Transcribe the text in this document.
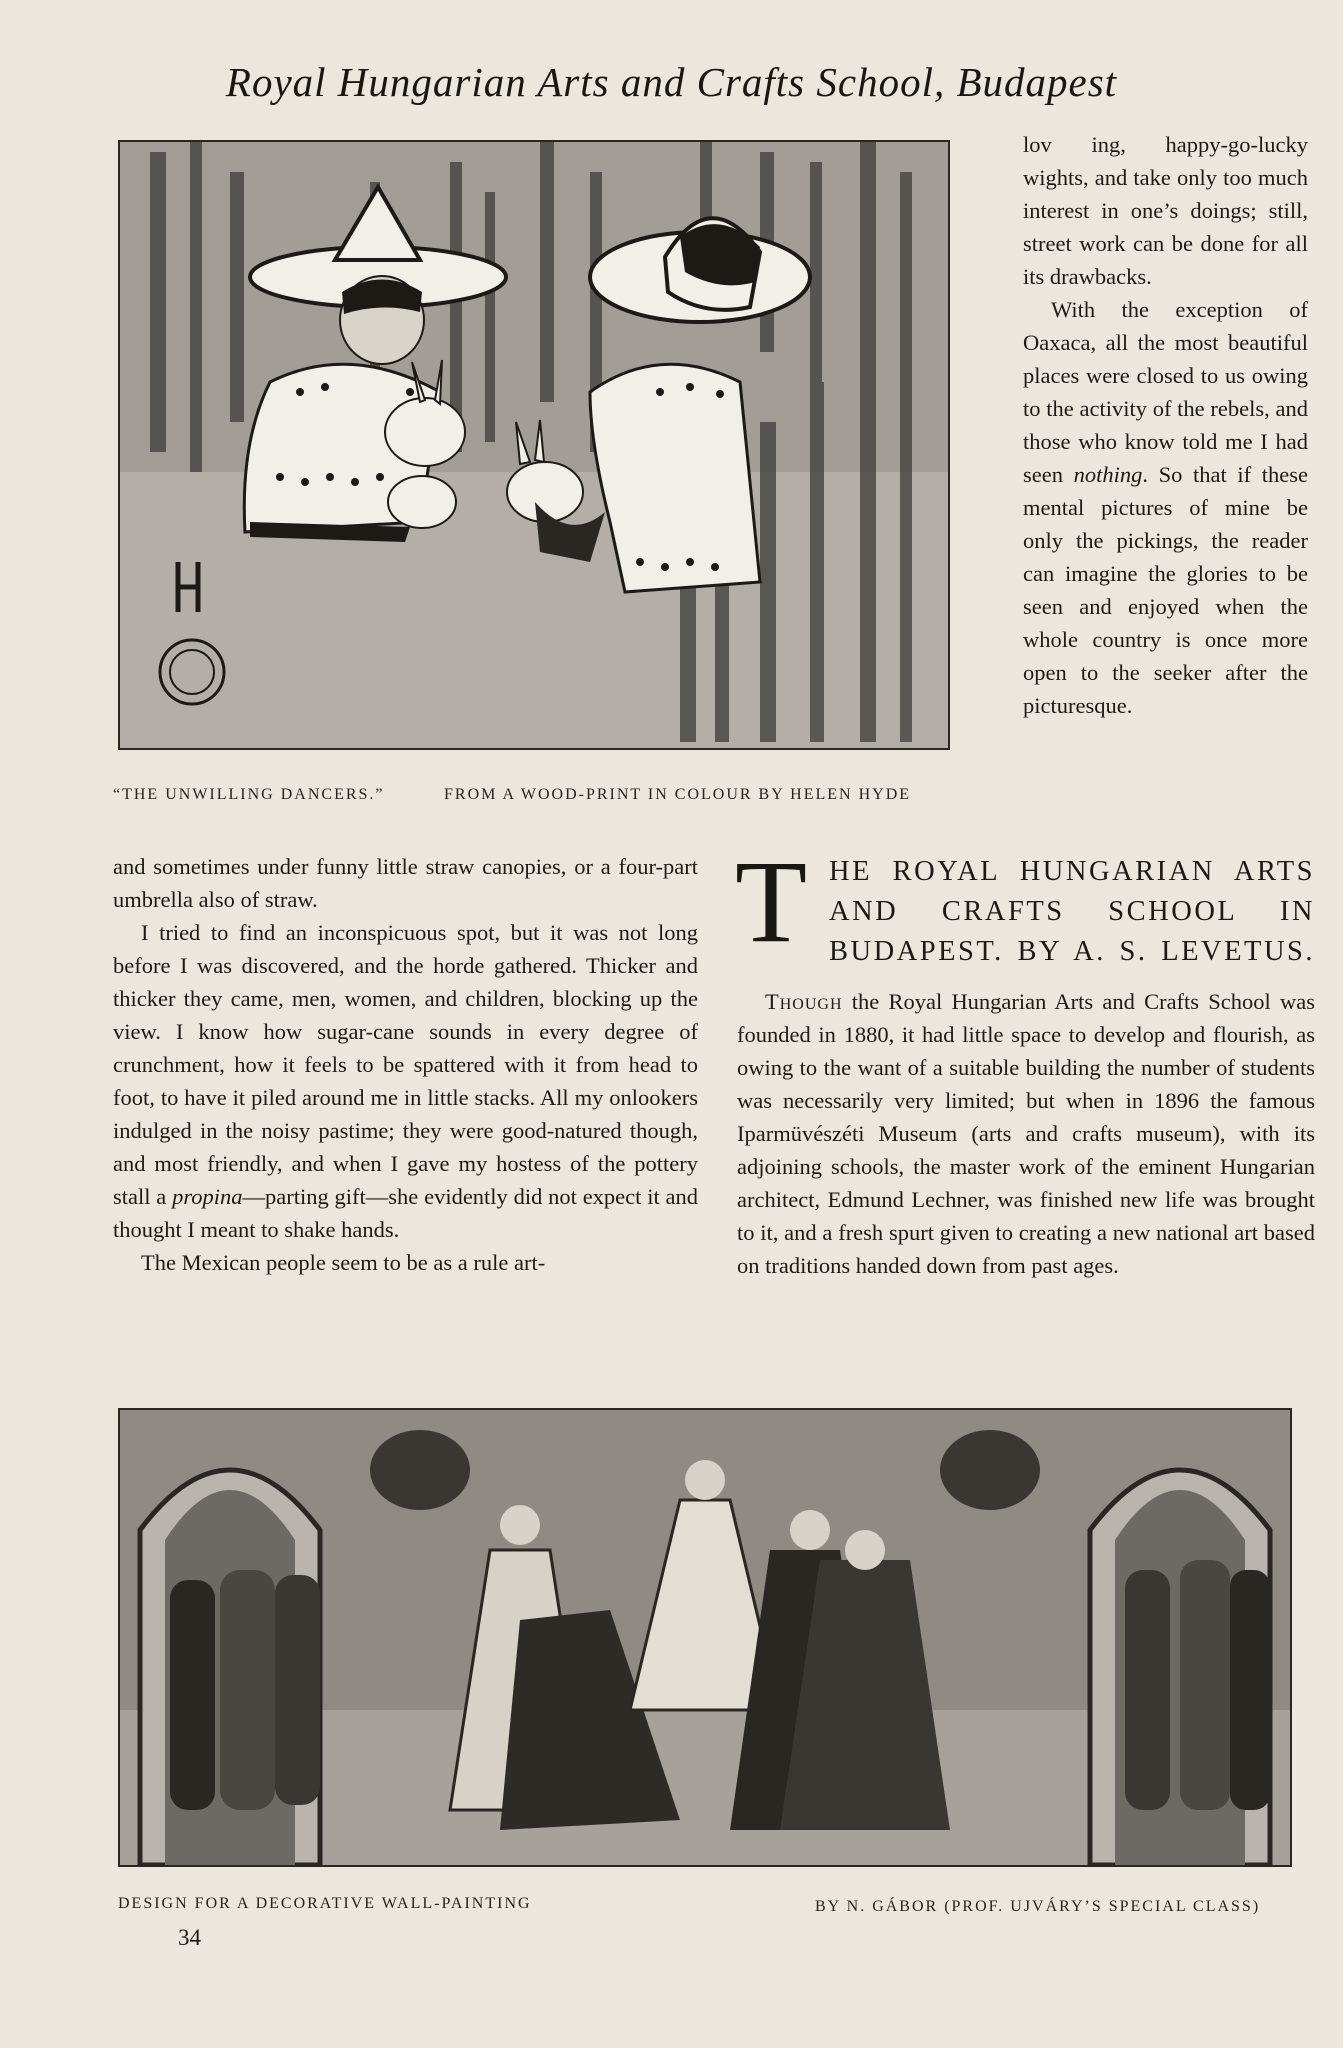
Royal Hungarian Arts and Crafts School, Budapest
“THE UNWILLING DANCERS.”	FROM A WOOD-PRINT IN COLOUR BY HELEN HYDE

lov ing, happy-go-lucky wights, and take only too much interest in one’s doings; still, street work can be done for all its drawbacks.

With the exception of Oaxaca, all the most beautiful places were closed to us owing to the activity of the rebels, and those who know told me I had seen nothing. So that if these mental pictures of mine be only the pickings, the reader can imagine the glories to be seen and enjoyed when the whole country is once more open to the seeker after the picturesque.

and sometimes under funny little straw canopies, or a four-part umbrella also of straw.

I tried to find an inconspicuous spot, but it was not long before I was discovered, and the horde gathered. Thicker and thicker they came, men, women, and children, blocking up the view. I know how sugar-cane sounds in every degree of crunchment, how it feels to be spattered with it from head to foot, to have it piled around me in little stacks. All my onlookers indulged in the noisy pastime; they were good-natured though, and most friendly, and when I gave my hostess of the pottery stall a propina—parting gift—she evidently did not expect it and thought I meant to shake hands.

The Mexican people seem to be as a rule art-

T HE ROYAL HUNGARIAN ARTS
AND CRAFTS SCHOOL IN
BUDAPEST. BY A. S. LEVETUS.

Though the Royal Hungarian Arts and Crafts School was founded in 1880, it had little space to develop and flourish, as owing to the want of a suitable building the number of students was necessarily very limited; but when in 1896 the famous Iparmüvészéti Museum (arts and crafts museum), with its adjoining schools, the master work of the eminent Hungarian architect, Edmund Lechner, was finished new life was brought to it, and a fresh spurt given to creating a new national art based on traditions handed down from past ages.

DESIGN FOR A DECORATIVE WALL-PAINTING	BY N. GÁBOR (PROF. UJVÁRY’S SPECIAL CLASS)
34
